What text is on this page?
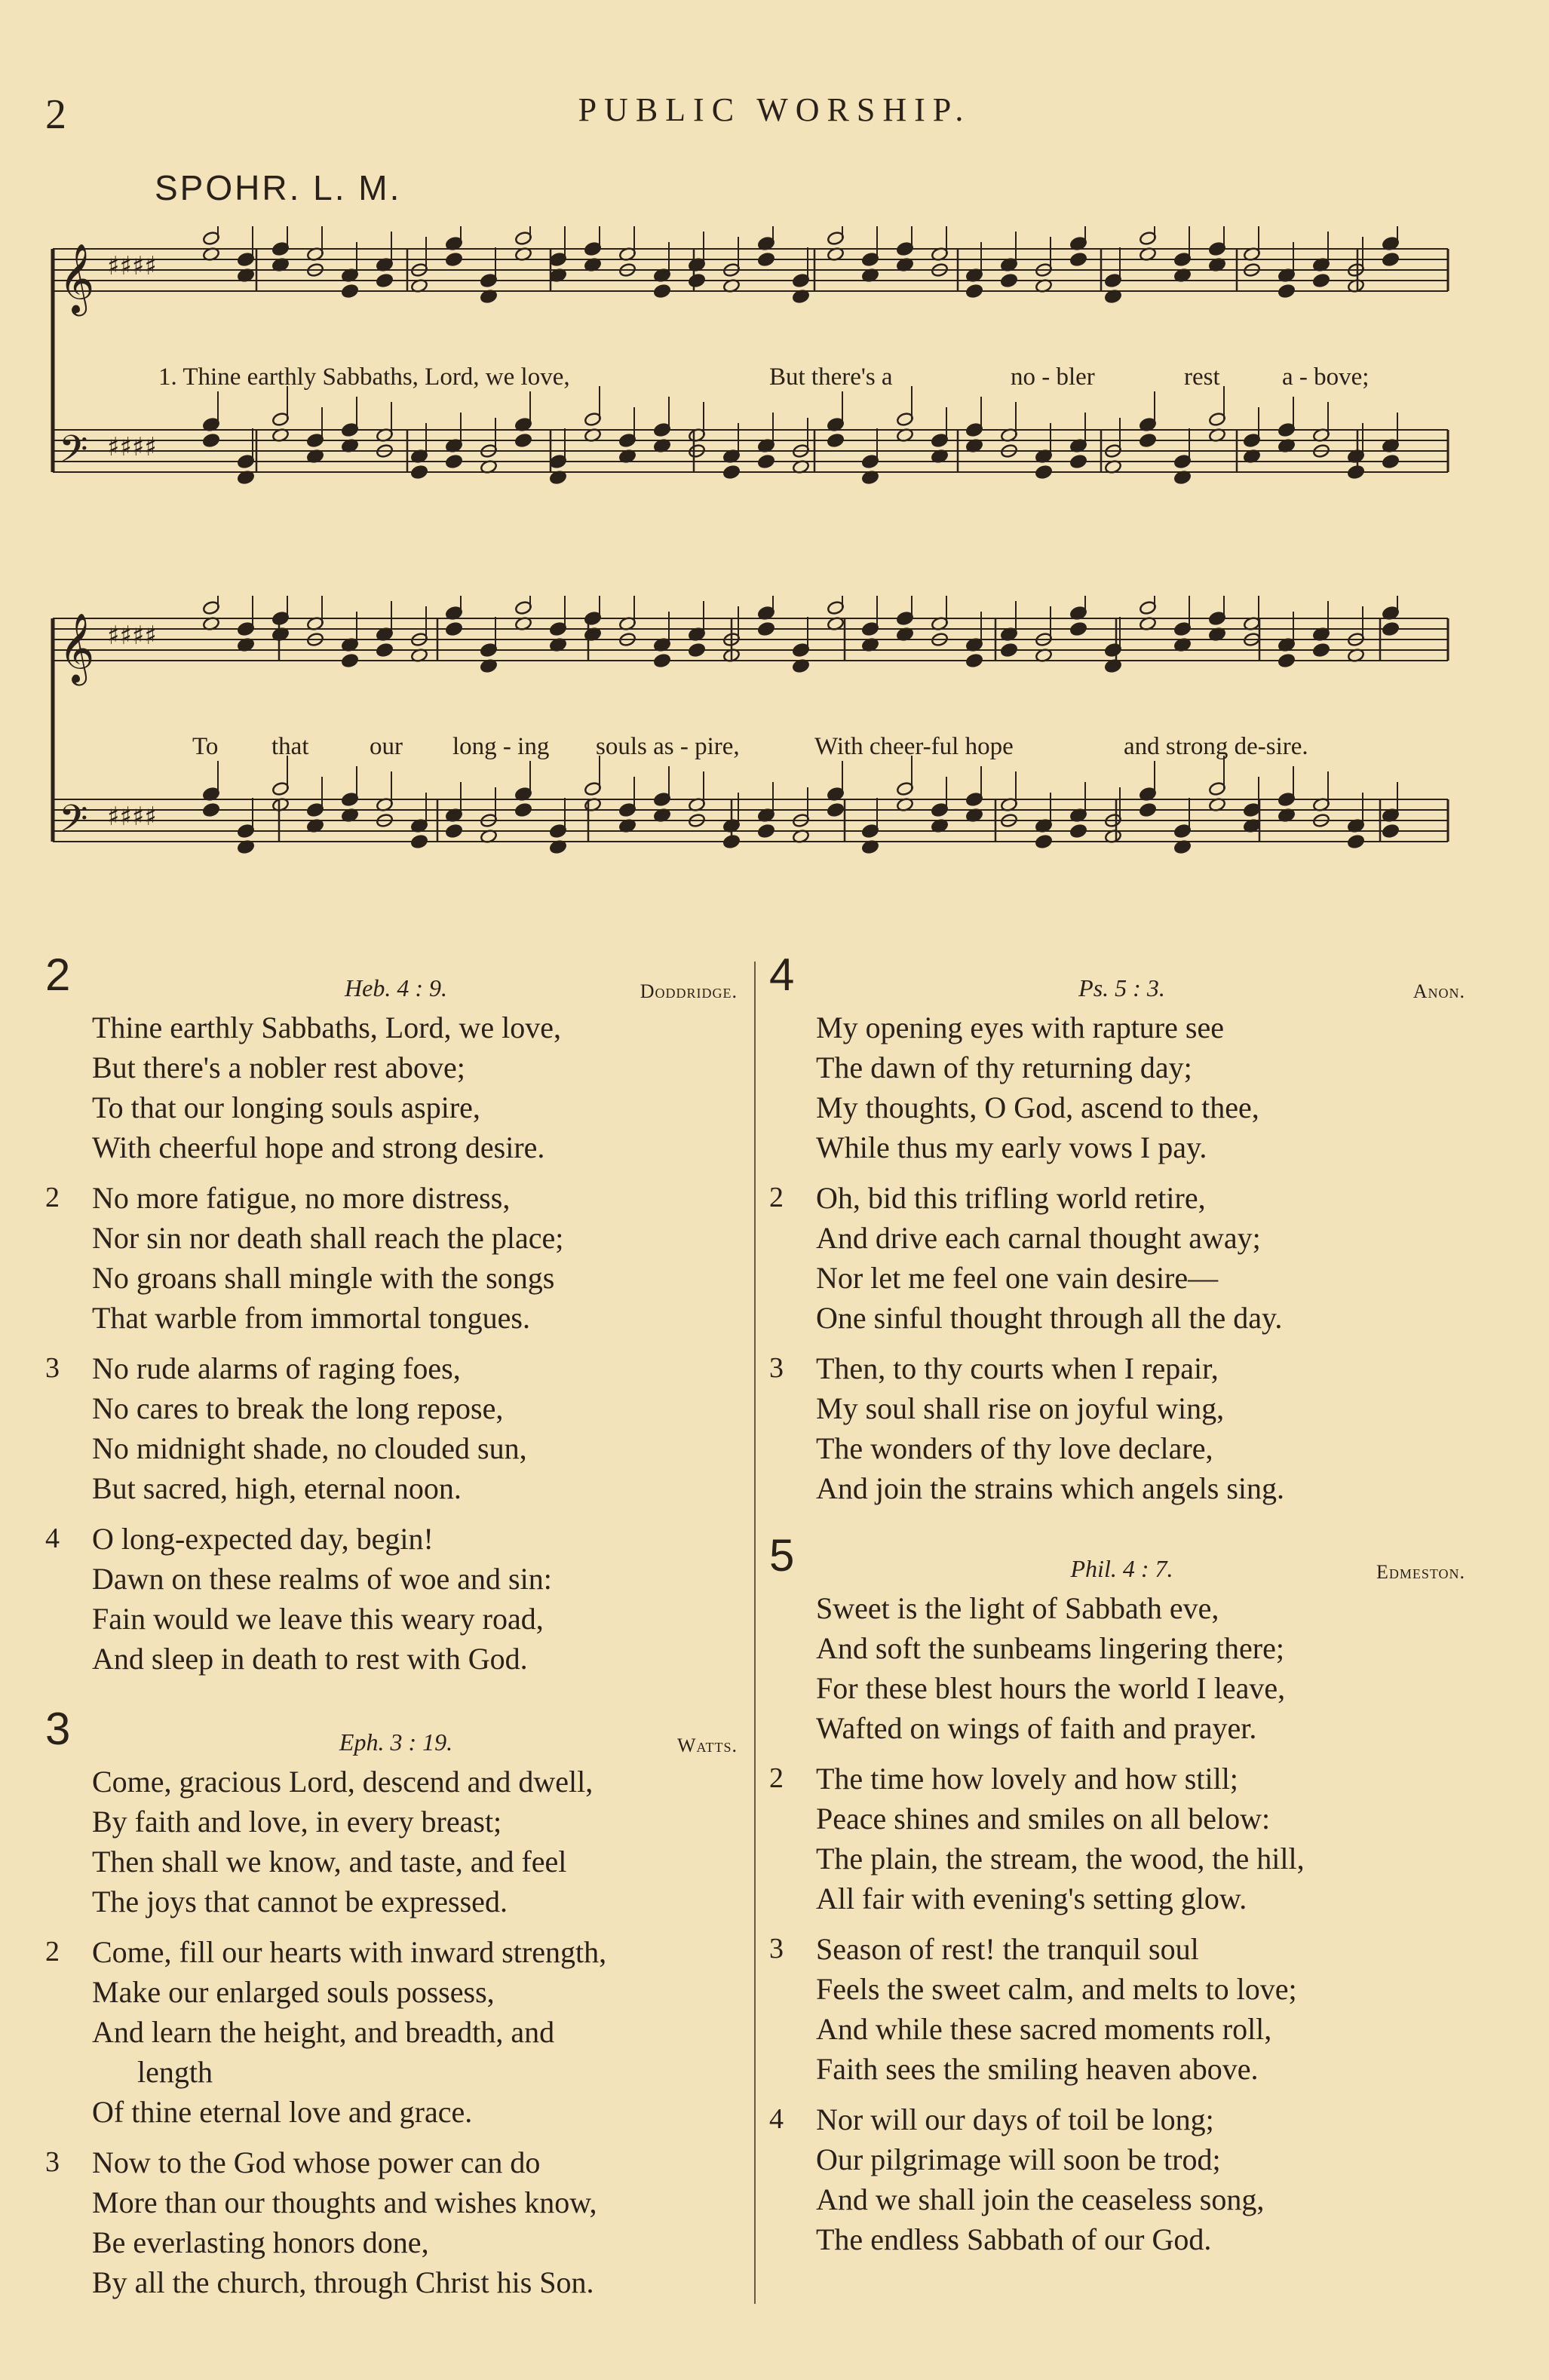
2	PUBLIC WORSHIP.
SPOHR. L. M.
𝄞 ♯♯♯♯
𝄢 ♯♯♯♯
1. Thine earthly Sabbaths, Lord, we love,	But there's a	no - bler	rest a - bove;
𝄞 ♯♯♯♯
𝄢 ♯♯♯♯
To that our long - ing souls as - pire,	With cheer-ful hope	and strong de-sire.
2	Heb. 4 : 9.	Doddridge.
Thine earthly Sabbaths, Lord, we love,
But there's a nobler rest above;
To that our longing souls aspire,
With cheerful hope and strong desire.
2	No more fatigue, no more distress,
Nor sin nor death shall reach the place;
No groans shall mingle with the songs
That warble from immortal tongues.
3	No rude alarms of raging foes,
No cares to break the long repose,
No midnight shade, no clouded sun,
But sacred, high, eternal noon.
4	O long-expected day, begin!
Dawn on these realms of woe and sin:
Fain would we leave this weary road,
And sleep in death to rest with God.
3	Eph. 3 : 19.	Watts.
Come, gracious Lord, descend and dwell,
By faith and love, in every breast;
Then shall we know, and taste, and feel
The joys that cannot be expressed.
2	Come, fill our hearts with inward strength,
Make our enlarged souls possess,
And learn the height, and breadth, and
length
Of thine eternal love and grace.
3	Now to the God whose power can do
More than our thoughts and wishes know,
Be everlasting honors done,
By all the church, through Christ his Son.
4	Ps. 5 : 3.	Anon.
My opening eyes with rapture see
The dawn of thy returning day;
My thoughts, O God, ascend to thee,
While thus my early vows I pay.
2	Oh, bid this trifling world retire,
And drive each carnal thought away;
Nor let me feel one vain desire—
One sinful thought through all the day.
3	Then, to thy courts when I repair,
My soul shall rise on joyful wing,
The wonders of thy love declare,
And join the strains which angels sing.
5	Phil. 4 : 7.	Edmeston.
Sweet is the light of Sabbath eve,
And soft the sunbeams lingering there;
For these blest hours the world I leave,
Wafted on wings of faith and prayer.
2	The time how lovely and how still;
Peace shines and smiles on all below:
The plain, the stream, the wood, the hill,
All fair with evening's setting glow.
3	Season of rest! the tranquil soul
Feels the sweet calm, and melts to love;
And while these sacred moments roll,
Faith sees the smiling heaven above.
4	Nor will our days of toil be long;
Our pilgrimage will soon be trod;
And we shall join the ceaseless song,
The endless Sabbath of our God.
